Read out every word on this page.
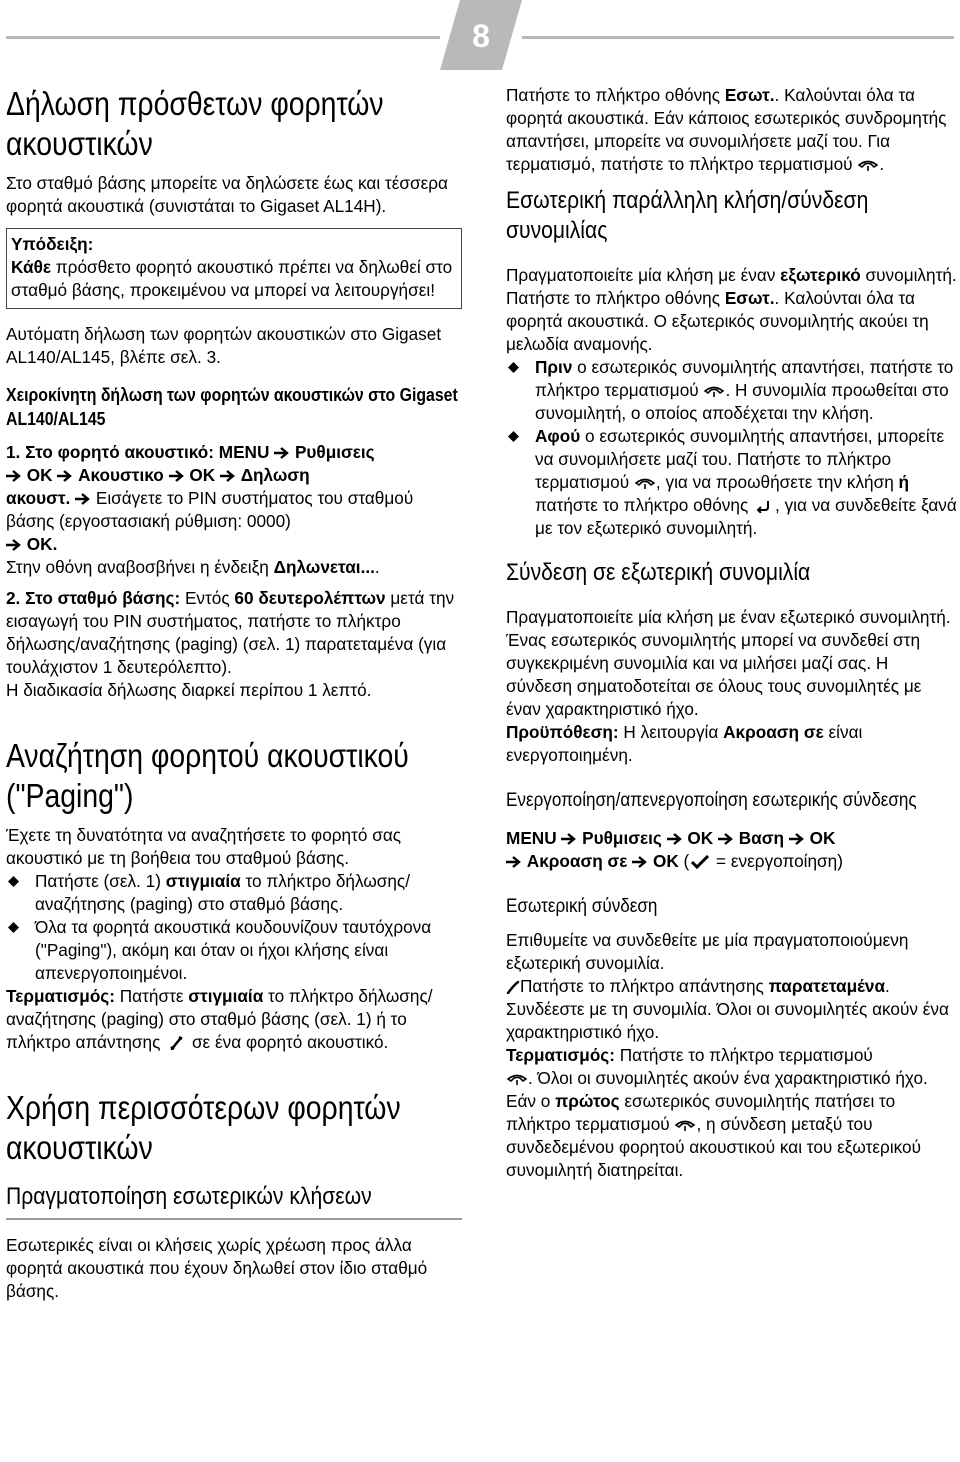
8
Δήλωση πρόσθετων φορητών ακουστικών

Στο σταθμό βάσης μπορείτε να δηλώσετε έως και τέσσερα φορητά ακουστικά (συνιστάται το Gigaset AL14H).

Υπόδειξη:

Κάθε πρόσθετο φορητό ακουστικό πρέπει να δηλωθεί στο σταθμό βάσης, προκειμένου να μπορεί να λειτουργήσει!

Αυτόματη δήλωση των φορητών ακουστικών στο Gigaset AL140/AL145, βλέπε σελ. 3.

Χειροκίνητη δήλωση των φορητών ακουστικών στο Gigaset AL140/AL145

1. Στο φορητό ακουστικό: MENU Ρυθμισεις
OK Ακουστικο OK Δηλωση
ακουστ. Εισάγετε το PIN συστήματος του σταθμού βάσης (εργοστασιακή ρύθμιση: 0000)
OK.
Στην οθόνη αναβοσβήνει η ένδειξη Δηλωνεται....

2. Στο σταθμό βάσης: Εντός 60 δευτερολέπτων μετά την εισαγωγή του PIN συστήματος, πατήστε το πλήκτρο δήλωσης/αναζήτησης (paging) (σελ. 1) παρατεταμένα (για τουλάχιστον 1 δευτερόλεπτο).
Η διαδικασία δήλωσης διαρκεί περίπου 1 λεπτό.

Αναζήτηση φορητού ακουστικού ("Paging")

Έχετε τη δυνατότητα να αναζητήσετε το φορητό σας ακουστικό με τη βοήθεια του σταθμού βάσης.

Πατήστε (σελ. 1) στιγμιαία το πλήκτρο δήλωσης/αναζήτησης (paging) στο σταθμό βάσης.

Όλα τα φορητά ακουστικά κουδουνίζουν ταυτόχρονα ("Paging"), ακόμη και όταν οι ήχοι κλήσης είναι απενεργοποιημένοι.

Τερματισμός: Πατήστε στιγμιαία το πλήκτρο δήλωσης/αναζήτησης (paging) στο σταθμό βάσης (σελ. 1) ή το πλήκτρο απάντησης  σε ένα φορητό ακουστικό.

Χρήση περισσότερων φορητών ακουστικών
Πραγματοποίηση εσωτερικών κλήσεων

Εσωτερικές είναι οι κλήσεις χωρίς χρέωση προς άλλα φορητά ακουστικά που έχουν δηλωθεί στον ίδιο σταθμό βάσης.

Πατήστε το πλήκτρο οθόνης Εσωτ.. Καλούνται όλα τα φορητά ακουστικά. Εάν κάποιος εσωτερικός συνδρομητής απαντήσει, μπορείτε να συνομιλήσετε μαζί του. Για τερματισμό, πατήστε το πλήκτρο τερματισμού .

Εσωτερική παράλληλη κλήση/σύνδεση συνομιλίας

Πραγματοποιείτε μία κλήση με έναν εξωτερικό συνομιλητή. Πατήστε το πλήκτρο οθόνης Εσωτ.. Καλούνται όλα τα φορητά ακουστικά. Ο εξωτερικός συνομιλητής ακούει τη μελωδία αναμονής.

Πριν ο εσωτερικός συνομιλητής απαντήσει, πατήστε το πλήκτρο τερματισμού . Η συνομιλία προωθείται στο συνομιλητή, ο οποίος αποδέχεται την κλήση.

Αφού ο εσωτερικός συνομιλητής απαντήσει, μπορείτε να συνομιλήσετε μαζί του. Πατήστε το πλήκτρο τερματισμού , για να προωθήσετε την κλήση ή πατήστε το πλήκτρο οθόνης , για να συνδεθείτε ξανά με τον εξωτερικό συνομιλητή.

Σύνδεση σε εξωτερική συνομιλία

Πραγματοποιείτε μία κλήση με έναν εξωτερικό συνομιλητή. Ένας εσωτερικός συνομιλητής μπορεί να συνδεθεί στη συγκεκριμένη συνομιλία και να μιλήσει μαζί σας. Η σύνδεση σηματοδοτείται σε όλους τους συνομιλητές με έναν χαρακτηριστικό ήχο.

Προϋπόθεση: Η λειτουργία Ακροαση σε είναι ενεργοποιημένη.

Ενεργοποίηση/απενεργοποίηση εσωτερικής σύνδεσης

MENU Ρυθμισεις OK Βαση OK
Ακροαση σε OK ( = ενεργοποίηση)

Εσωτερική σύνδεση

Επιθυμείτε να συνδεθείτε με μία πραγματοποιούμενη εξωτερική συνομιλία.

Πατήστε το πλήκτρο απάντησης παρατεταμένα. Συνδέεστε με τη συνομιλία. Όλοι οι συνομιλητές ακούν ένα χαρακτηριστικό ήχο.

Τερματισμός: Πατήστε το πλήκτρο τερματισμού
. Όλοι οι συνομιλητές ακούν ένα χαρακτηριστικό ήχο.

Εάν ο πρώτος εσωτερικός συνομιλητής πατήσει το πλήκτρο τερματισμού , η σύνδεση μεταξύ του συνδεδεμένου φορητού ακουστικού και του εξωτερικού συνομιλητή διατηρείται.
